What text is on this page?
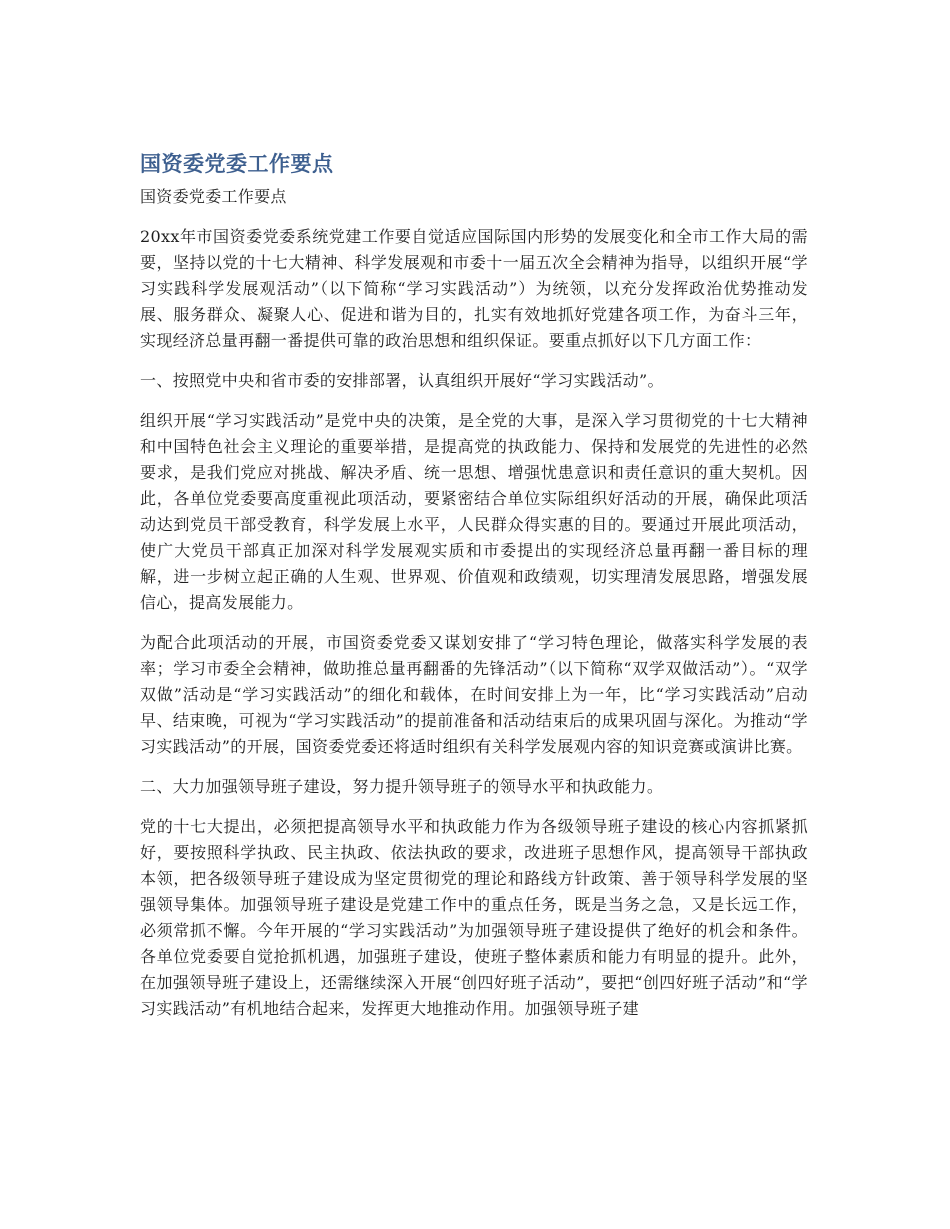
国资委党委工作要点
国资委党委工作要点

20xx年市国资委党委系统党建工作要自觉适应国际国内形势的发展变化和全市工作大局的需要，坚持以党的十七大精神、科学发展观和市委十一届五次全会精神为指导，以组织开展“学习实践科学发展观活动”（以下简称“学习实践活动”）为统领，以充分发挥政治优势推动发展、服务群众、凝聚人心、促进和谐为目的，扎实有效地抓好党建各项工作，为奋斗三年，实现经济总量再翻一番提供可靠的政治思想和组织保证。要重点抓好以下几方面工作：

一、按照党中央和省市委的安排部署，认真组织开展好“学习实践活动”。

组织开展“学习实践活动”是党中央的决策，是全党的大事，是深入学习贯彻党的十七大精神和中国特色社会主义理论的重要举措，是提高党的执政能力、保持和发展党的先进性的必然要求，是我们党应对挑战、解决矛盾、统一思想、增强忧患意识和责任意识的重大契机。因此，各单位党委要高度重视此项活动，要紧密结合单位实际组织好活动的开展，确保此项活动达到党员干部受教育，科学发展上水平，人民群众得实惠的目的。要通过开展此项活动，使广大党员干部真正加深对科学发展观实质和市委提出的实现经济总量再翻一番目标的理解，进一步树立起正确的人生观、世界观、价值观和政绩观，切实理清发展思路，增强发展信心，提高发展能力。

为配合此项活动的开展，市国资委党委又谋划安排了“学习特色理论，做落实科学发展的表率；学习市委全会精神，做助推总量再翻番的先锋活动”（以下简称“双学双做活动”）。“双学双做”活动是“学习实践活动”的细化和载体，在时间安排上为一年，比“学习实践活动”启动早、结束晚，可视为“学习实践活动”的提前准备和活动结束后的成果巩固与深化。为推动“学习实践活动”的开展，国资委党委还将适时组织有关科学发展观内容的知识竞赛或演讲比赛。

二、大力加强领导班子建设，努力提升领导班子的领导水平和执政能力。

党的十七大提出，必须把提高领导水平和执政能力作为各级领导班子建设的核心内容抓紧抓好，要按照科学执政、民主执政、依法执政的要求，改进班子思想作风，提高领导干部执政本领，把各级领导班子建设成为坚定贯彻党的理论和路线方针政策、善于领导科学发展的坚强领导集体。加强领导班子建设是党建工作中的重点任务，既是当务之急，又是长远工作，必须常抓不懈。今年开展的“学习实践活动”为加强领导班子建设提供了绝好的机会和条件。各单位党委要自觉抢抓机遇，加强班子建设，使班子整体素质和能力有明显的提升。此外，在加强领导班子建设上，还需继续深入开展“创四好班子活动”，要把“创四好班子活动”和“学习实践活动”有机地结合起来，发挥更大地推动作用。加强领导班子建
